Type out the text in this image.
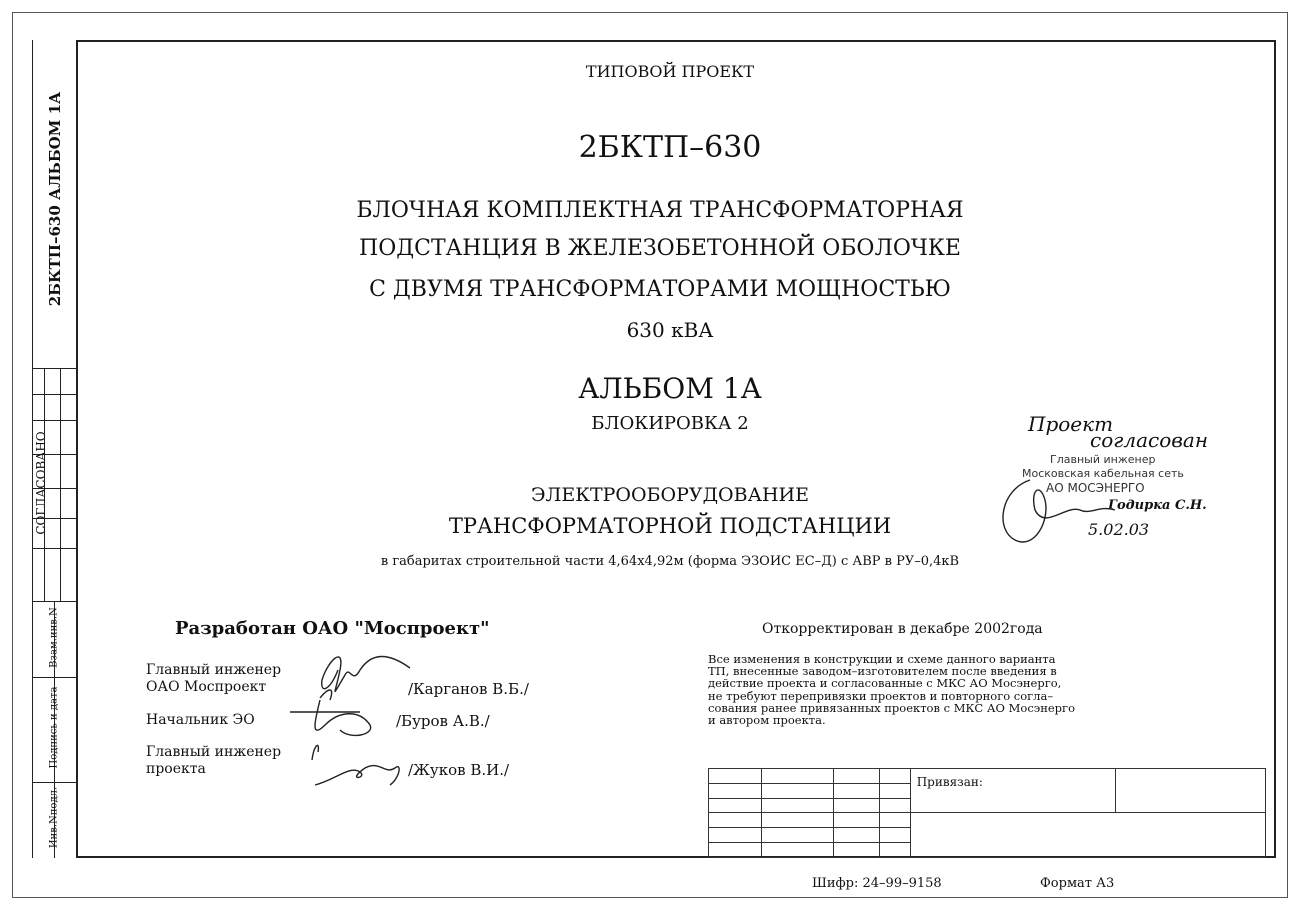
2БКТП–630 АЛЬБОМ 1А
СОГЛАСОВАНО
Взам.инв.N
Подпись и дата
Инв.Nподл.
ТИПОВОЙ ПРОЕКТ
2БКТП–630
БЛОЧНАЯ КОМПЛЕКТНАЯ ТРАНСФОРМАТОРНАЯ
ПОДСТАНЦИЯ В ЖЕЛЕЗОБЕТОННОЙ ОБОЛОЧКЕ
С ДВУМЯ ТРАНСФОРМАТОРАМИ МОЩНОСТЬЮ
630 кВА
АЛЬБОМ 1А
БЛОКИРОВКА 2
ЭЛЕКТРООБОРУДОВАНИЕ
ТРАНСФОРМАТОРНОЙ ПОДСТАНЦИИ
в габаритах строительной части 4,64х4,92м (форма ЭЗОИС ЕС–Д) с АВР в РУ–0,4кВ
Разработан ОАО "Моспроект"
Главный инженер
ОАО Моспроект	/Карганов В.Б./
Начальник ЭО	/Буров А.В./
Главный инженер
проекта	/Жуков В.И./
Откорректирован в декабре 2002года
Все изменения в конструкции и схеме данного варианта
ТП, внесенные заводом–изготовителем после введения в
действие проекта и согласованные с МКС АО Мосэнерго,
не требуют перепривязки проектов и повторного согла–
сования ранее привязанных проектов с МКС АО Мосэнерго
и автором проекта.
Проект
согласован
Главный инженер
Московская кабельная сеть
АО МОСЭНЕРГО
Годирка С.Н.
5.02.03

				Привязан:	

Шифр: 24–99–9158	Формат А3
